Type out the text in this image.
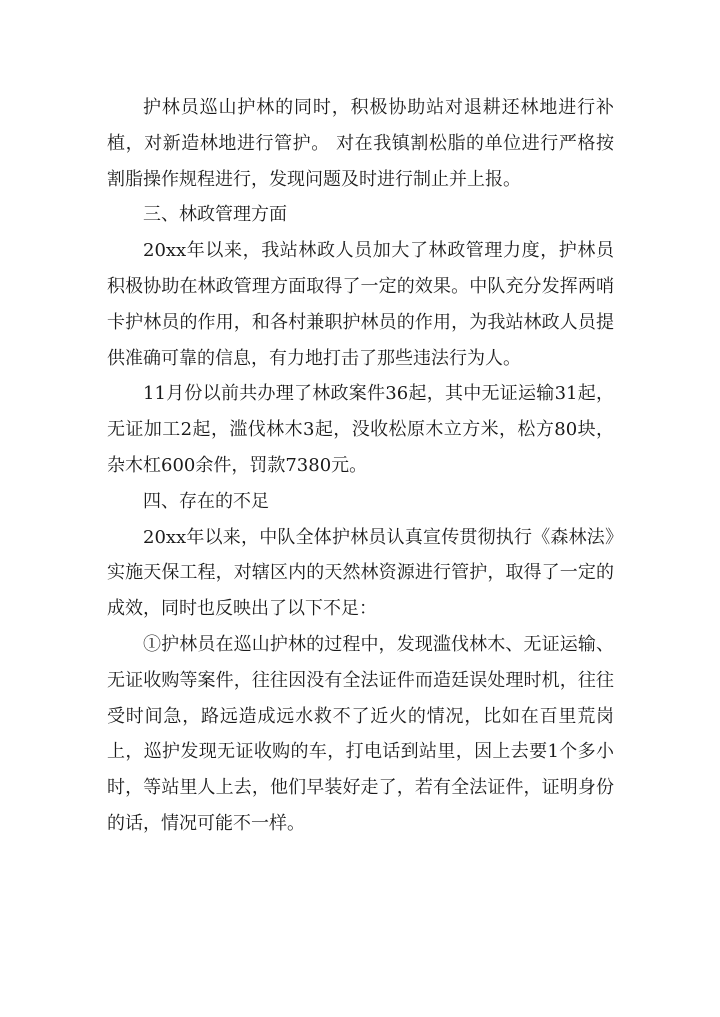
护林员巡山护林的同时，积极协助站对退耕还林地进行补植，对新造林地进行管护。 对在我镇割松脂的单位进行严格按割脂操作规程进行，发现问题及时进行制止并上报。

三、林政管理方面

20xx年以来，我站林政人员加大了林政管理力度，护林员积极协助在林政管理方面取得了一定的效果。中队充分发挥两哨卡护林员的作用，和各村兼职护林员的作用，为我站林政人员提供准确可靠的信息，有力地打击了那些违法行为人。

11月份以前共办理了林政案件36起，其中无证运输31起，无证加工2起，滥伐林木3起，没收松原木立方米，松方80块，杂木杠600余件，罚款7380元。

四、存在的不足

20xx年以来，中队全体护林员认真宣传贯彻执行《森林法》实施天保工程，对辖区内的天然林资源进行管护，取得了一定的成效，同时也反映出了以下不足：

①护林员在巡山护林的过程中，发现滥伐林木、无证运输、无证收购等案件，往往因没有全法证件而造廷误处理时机，往往受时间急，路远造成远水救不了近火的情况，比如在百里荒岗上，巡护发现无证收购的车，打电话到站里，因上去要1个多小时，等站里人上去，他们早装好走了，若有全法证件，证明身份的话，情况可能不一样。
